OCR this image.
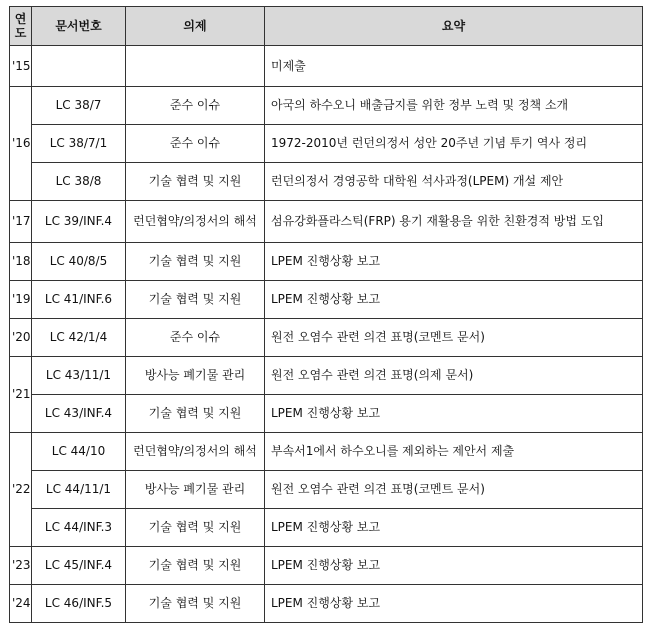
연
도	문서번호	의제	요약
'15			미제출
'16	LC 38/7	준수 이슈	아국의 하수오니 배출금지를 위한 정부 노력 및 정책 소개
	LC 38/7/1	준수 이슈	1972-2010년 런던의정서 성안 20주년 기념 투기 역사 정리
	LC 38/8	기술 협력 및 지원	런던의정서 경영공학 대학원 석사과정(LPEM) 개설 제안
'17	LC 39/INF.4	런던협약/의정서의 해석	섬유강화플라스틱(FRP) 용기 재활용을 위한 친환경적 방법 도입
'18	LC 40/8/5	기술 협력 및 지원	LPEM 진행상황 보고
'19	LC 41/INF.6	기술 협력 및 지원	LPEM 진행상황 보고
'20	LC 42/1/4	준수 이슈	원전 오염수 관련 의견 표명(코멘트 문서)
'21	LC 43/11/1	방사능 폐기물 관리	원전 오염수 관련 의견 표명(의제 문서)
	LC 43/INF.4	기술 협력 및 지원	LPEM 진행상황 보고
'22	LC 44/10	런던협약/의정서의 해석	부속서1에서 하수오니를 제외하는 제안서 제출
	LC 44/11/1	방사능 폐기물 관리	원전 오염수 관련 의견 표명(코멘트 문서)
	LC 44/INF.3	기술 협력 및 지원	LPEM 진행상황 보고
'23	LC 45/INF.4	기술 협력 및 지원	LPEM 진행상황 보고
'24	LC 46/INF.5	기술 협력 및 지원	LPEM 진행상황 보고
